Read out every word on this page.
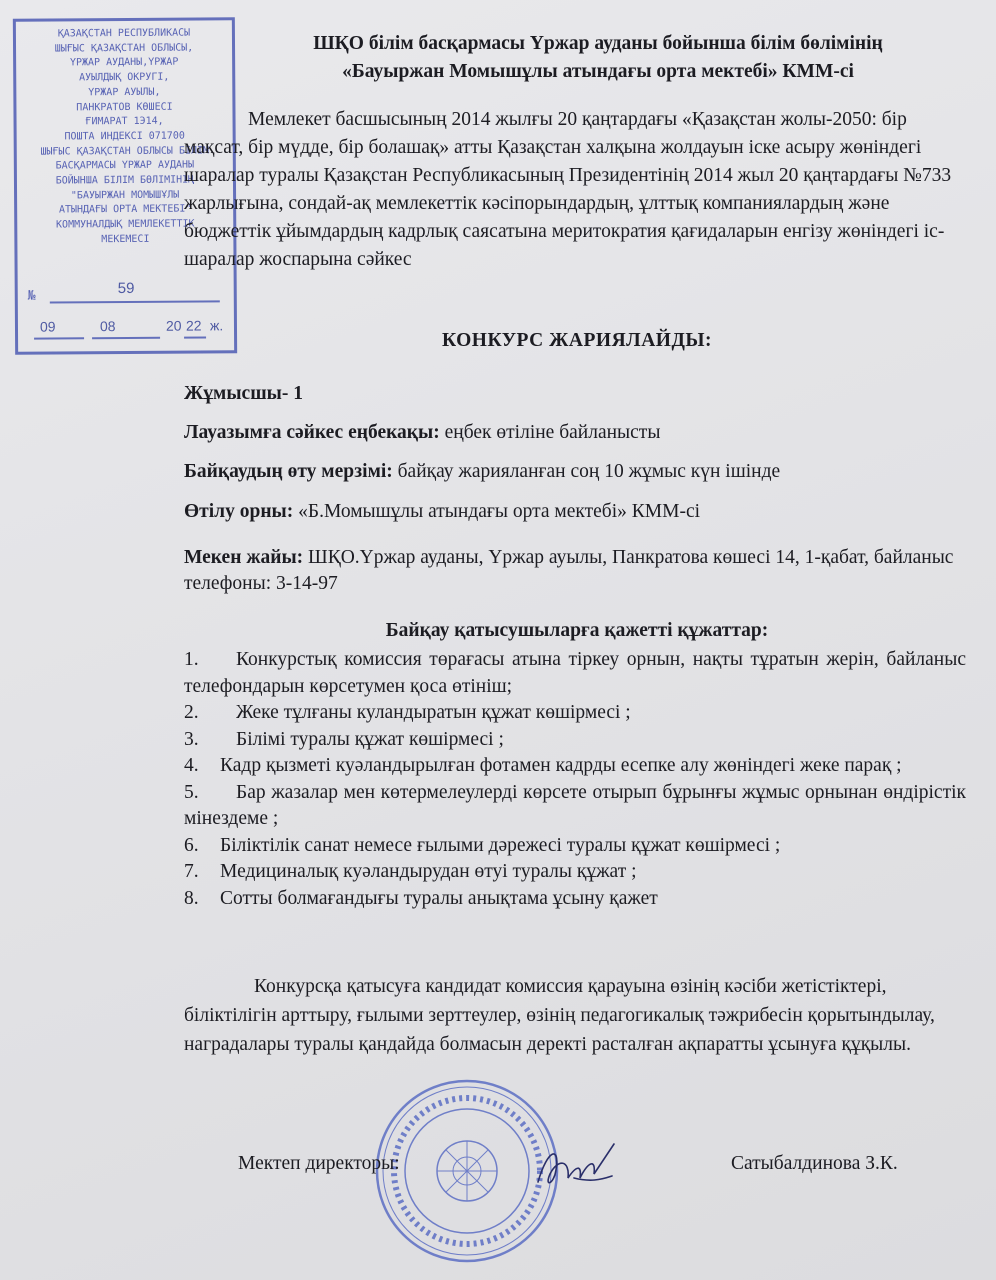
ҚАЗАҚСТАН РЕСПУБЛИКАСЫ
ШЫҒЫС ҚАЗАҚСТАН ОБЛЫСЫ,
ҮРЖАР АУДАНЫ,ҮРЖАР
АУЫЛДЫҚ ОКРУГІ,
ҮРЖАР АУЫЛЫ,
ПАНКРАТОВ КӨШЕСІ
ҒИМАРАТ 1Э14,
ПОШТА ИНДЕКСІ 071700
ШЫҒЫС ҚАЗАҚСТАН ОБЛЫСЫ БІЛІМ
БАСҚАРМАСЫ ҮРЖАР АУДАНЫ
БОЙЫНША БІЛІМ БӨЛІМІНІҢ
"БАУЫРЖАН МОМЫШҰЛЫ
АТЫНДАҒЫ ОРТА МЕКТЕБІ"
КОММУНАЛДЫҚ МЕМЛЕКЕТТІК
МЕКЕМЕСІ
№	59
09	08	20 22 ж.
ШҚО білім басқармасы Үржар ауданы бойынша білім бөлімінің
«Бауыржан Момышұлы атындағы орта мектебі» КММ-сі
Мемлекет басшысының 2014 жылғы 20 қаңтардағы «Қазақстан жолы-2050: бір мақсат, бір мүдде, бір болашақ» атты Қазақстан халқына жолдауын іске асыру жөніндегі шаралар туралы Қазақстан Республикасының Президентінің 2014 жыл 20 қаңтардағы №733 жарлығына, сондай-ақ мемлекеттік кәсіпорындардың, ұлттық компаниялардың және бюджеттік ұйымдардың кадрлық саясатына меритократия қағидаларын енгізу жөніндегі іс-шаралар жоспарына сәйкес
КОНКУРС ЖАРИЯЛАЙДЫ:
Жұмысшы- 1
Лауазымға сәйкес еңбекақы: еңбек өтіліне байланысты
Байқаудың өту мерзімі: байқау жарияланған соң 10 жұмыс күн ішінде
Өтілу орны: «Б.Момышұлы атындағы орта мектебі» КММ-сі
Мекен жайы: ШҚО.Үржар ауданы, Үржар ауылы, Панкратова көшесі 14, 1-қабат, байланыс телефоны: 3-14-97
Байқау қатысушыларға қажетті құжаттар:
1. Конкурстық комиссия төрағасы атына тіркеу орнын, нақты тұратын жерін, байланыс телефондарын көрсетумен қоса өтініш;
2. Жеке тұлғаны куландыратын құжат көшірмесі ;
3. Білімі туралы құжат көшірмесі ;
4. Кадр қызметі куәландырылған фотамен кадрды есепке алу жөніндегі жеке парақ ;
5. Бар жазалар мен көтермелеулерді көрсете отырып бұрынғы жұмыс орнынан өндірістік мінездеме ;
6. Біліктілік санат немесе ғылыми дәрежесі туралы құжат көшірмесі ;
7. Медициналық куәландырудан өтуі туралы құжат ;
8. Сотты болмағандығы туралы анықтама ұсыну қажет
Конкурсқа қатысуға кандидат комиссия қарауына өзінің кәсіби жетістіктері, біліктілігін арттыру, ғылыми зерттеулер, өзінің педагогикалық тәжрибесін қорытындылау, наградалары туралы қандайда болмасын деректі расталған ақпаратты ұсынуға құқылы.
Мектеп директоры:	Сатыбалдинова З.К.
